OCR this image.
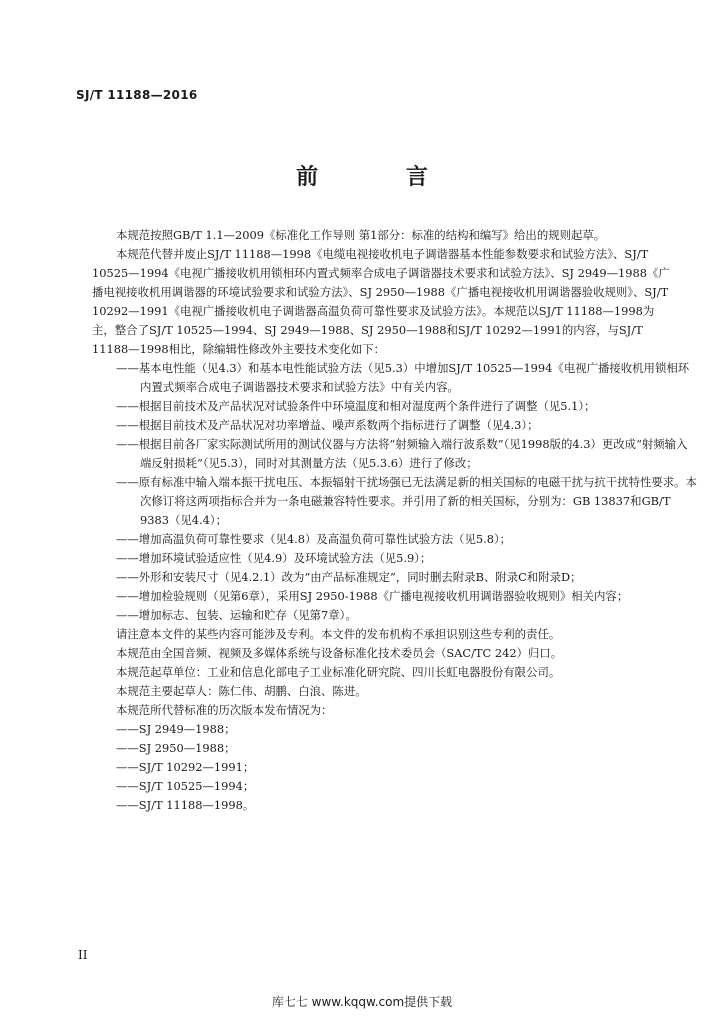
SJ/T 11188—2016
前 言

本规范按照GB/T 1.1—2009《标准化工作导则 第1部分：标准的结构和编写》给出的规则起草。

本规范代替并废止SJ/T 11188—1998《电缆电视接收机电子调谐器基本性能参数要求和试验方法》、SJ/T 10525—1994《电视广播接收机用锁相环内置式频率合成电子调谐器技术要求和试验方法》、SJ 2949—1988《广播电视接收机用调谐器的环境试验要求和试验方法》、SJ 2950—1988《广播电视接收机用调谐器验收规则》、SJ/T 10292—1991《电视广播接收机电子调谐器高温负荷可靠性要求及试验方法》。本规范以SJ/T 11188—1998为主，整合了SJ/T 10525—1994、SJ 2949—1988、SJ 2950—1988和SJ/T 10292—1991的内容，与SJ/T 11188—1998相比，除编辑性修改外主要技术变化如下：

——基本电性能（见4.3）和基本电性能试验方法（见5.3）中增加SJ/T 10525—1994《电视广播接收机用锁相环内置式频率合成电子调谐器技术要求和试验方法》中有关内容。

——根据目前技术及产品状况对试验条件中环境温度和相对湿度两个条件进行了调整（见5.1）；

——根据目前技术及产品状况对功率增益、噪声系数两个指标进行了调整（见4.3）；

——根据目前各厂家实际测试所用的测试仪器与方法将“射频输入端行波系数”（见1998版的4.3）更改成“射频输入端反射损耗”（见5.3），同时对其测量方法（见5.3.6）进行了修改；

——原有标准中输入端本振干扰电压、本振辐射干扰场强已无法满足新的相关国标的电磁干扰与抗干扰特性要求。本次修订将这两项指标合并为一条电磁兼容特性要求。并引用了新的相关国标，分别为：GB 13837和GB/T 9383（见4.4）；

——增加高温负荷可靠性要求（见4.8）及高温负荷可靠性试验方法（见5.8）；

——增加环境试验适应性（见4.9）及环境试验方法（见5.9）；

——外形和安装尺寸（见4.2.1）改为“由产品标准规定”，同时删去附录B、附录C和附录D；

——增加检验规则（见第6章），采用SJ 2950-1988《广播电视接收机用调谐器验收规则》相关内容；

——增加标志、包装、运输和贮存（见第7章）。

请注意本文件的某些内容可能涉及专利。本文件的发布机构不承担识别这些专利的责任。

本规范由全国音频、视频及多媒体系统与设备标准化技术委员会（SAC/TC 242）归口。

本规范起草单位：工业和信息化部电子工业标准化研究院、四川长虹电器股份有限公司。

本规范主要起草人：陈仁伟、胡鹏、白浪、陈进。

本规范所代替标准的历次版本发布情况为：

——SJ 2949—1988；

——SJ 2950—1988；

——SJ/T 10292—1991；

——SJ/T 10525—1994；

——SJ/T 11188—1998。

II
库七七 www.kqqw.com提供下载
